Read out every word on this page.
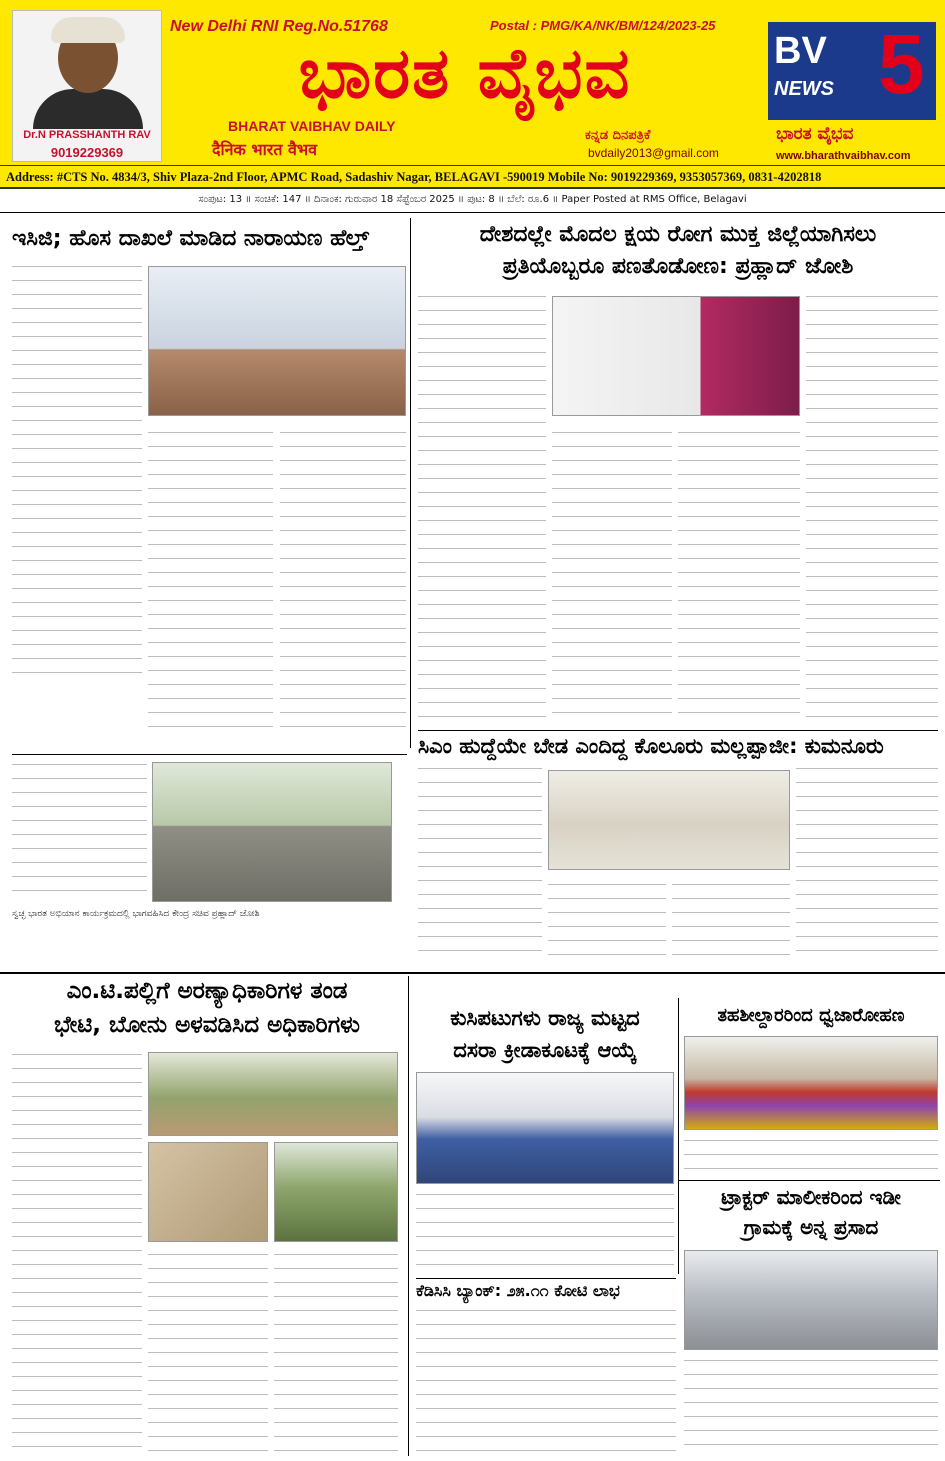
Dr.N PRASSHANTH RAV
9019229369
New Delhi RNI Reg.No.51768	Postal : PMG/KA/NK/BM/124/2023-25
ಭಾರತ ವೈಭವ
BHARAT VAIBHAV DAILY
दैनिक भारत वैभव
ಕನ್ನಡ ದಿನಪತ್ರಿಕೆ
bvdaily2013@gmail.com
BV 5
NEWS
ಭಾರತ ವೈಭವ
www.bharathvaibhav.com
Address: #CTS No. 4834/3, Shiv Plaza-2nd Floor, APMC Road, Sadashiv Nagar, BELAGAVI -590019 Mobile No: 9019229369, 9353057369, 0831-4202818
ಸಂಪುಟ: 13 ॥ ಸಂಚಿಕೆ: 147 ॥ ದಿನಾಂಕ: ಗುರುವಾರ 18 ಸೆಪ್ಟೆಂಬರ 2025 ॥ ಪುಟ: 8 ॥ ಬೆಲೆ: ರೂ.6 ॥ Paper Posted at RMS Office, Belagavi
ಇಸಿಜಿ; ಹೊಸ ದಾಖಲೆ ಮಾಡಿದ ನಾರಾಯಣ ಹೆಲ್ತ್	ದೇಶದಲ್ಲೇ ಮೊದಲ ಕ್ಷಯ ರೋಗ ಮುಕ್ತ ಜಿಲ್ಲೆಯಾಗಿಸಲು
ಪ್ರತಿಯೊಬ್ಬರೂ ಪಣತೊಡೋಣ: ಪ್ರಹ್ಲಾದ್ ಜೋಶಿ
ಸ್ವಚ್ಛ ಭಾರತ ಅಭಿಯಾನ ಕಾರ್ಯಕ್ರಮದಲ್ಲಿ ಭಾಗವಹಿಸಿದ ಕೇಂದ್ರ ಸಚಿವ ಪ್ರಹ್ಲಾದ್ ಜೋಶಿ
ಸಿಎಂ ಹುದ್ದೆಯೇ ಬೇಡ ಎಂದಿದ್ದ ಕೊಲೂರು ಮಲ್ಲಪ್ಪಾಜೀ: ಕುಮನೂರು
ಎಂ.ಟಿ.ಪಲ್ಲಿಗೆ ಅರಣ್ಯಾಧಿಕಾರಿಗಳ ತಂಡ
ಭೇಟಿ, ಬೋನು ಅಳವಡಿಸಿದ ಅಧಿಕಾರಿಗಳು	ಕುಸಿಪಟುಗಳು ರಾಜ್ಯ ಮಟ್ಟದ
ದಸರಾ ಕ್ರೀಡಾಕೂಟಕ್ಕೆ ಆಯ್ಕೆ
ತಹಶೀಲ್ದಾರರಿಂದ ಧ್ವಜಾರೋಹಣ
ಟ್ರಾಕ್ಟರ್ ಮಾಲೀಕರಿಂದ ಇಡೀ
ಗ್ರಾಮಕ್ಕೆ ಅನ್ನ ಪ್ರಸಾದ
ಕೆಡಿಸಿಸಿ ಬ್ಯಾಂಕ್: ೨೫.೧೧ ಕೋಟಿ ಲಾಭ
